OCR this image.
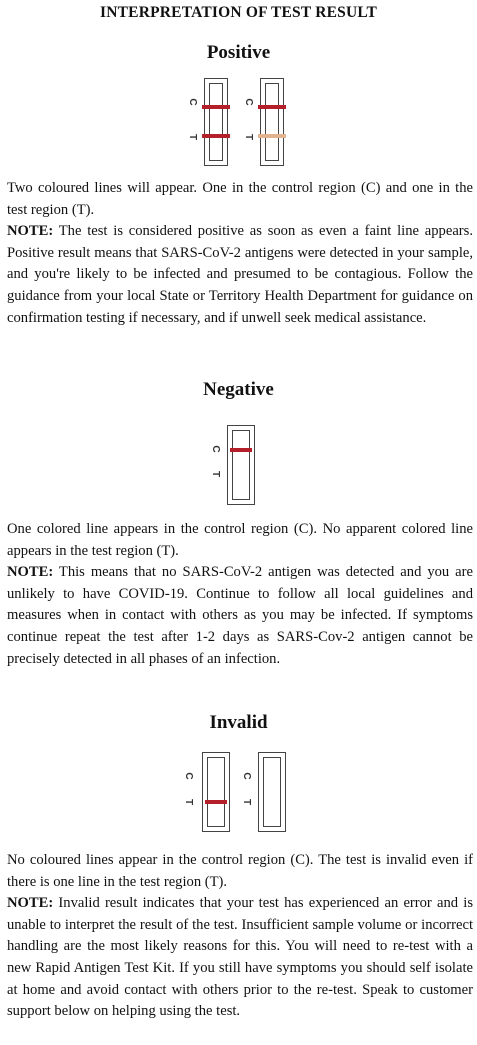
INTERPRETATION OF TEST RESULT
Positive
C
T
C
T

Two coloured lines will appear. One in the control region (C) and one in the test region (T).
NOTE: The test is considered positive as soon as even a faint line appears. Positive result means that SARS-CoV-2 antigens were detected in your sample, and you're likely to be infected and presumed to be contagious. Follow the guidance from your local State or Territory Health Department for guidance on confirmation testing if necessary, and if unwell seek medical assistance.

Negative
C
T

One colored line appears in the control region (C). No apparent colored line appears in the test region (T).
NOTE: This means that no SARS-CoV-2 antigen was detected and you are unlikely to have COVID-19. Continue to follow all local guidelines and measures when in contact with others as you may be infected. If symptoms continue repeat the test after 1-2 days as SARS-Cov-2 antigen cannot be precisely detected in all phases of an infection.

Invalid
C
T
C
T

No coloured lines appear in the control region (C). The test is invalid even if there is one line in the test region (T).
NOTE: Invalid result indicates that your test has experienced an error and is unable to interpret the result of the test. Insufficient sample volume or incorrect handling are the most likely reasons for this. You will need to re-test with a new Rapid Antigen Test Kit. If you still have symptoms you should self isolate at home and avoid contact with others prior to the re-test. Speak to customer support below on helping using the test.
